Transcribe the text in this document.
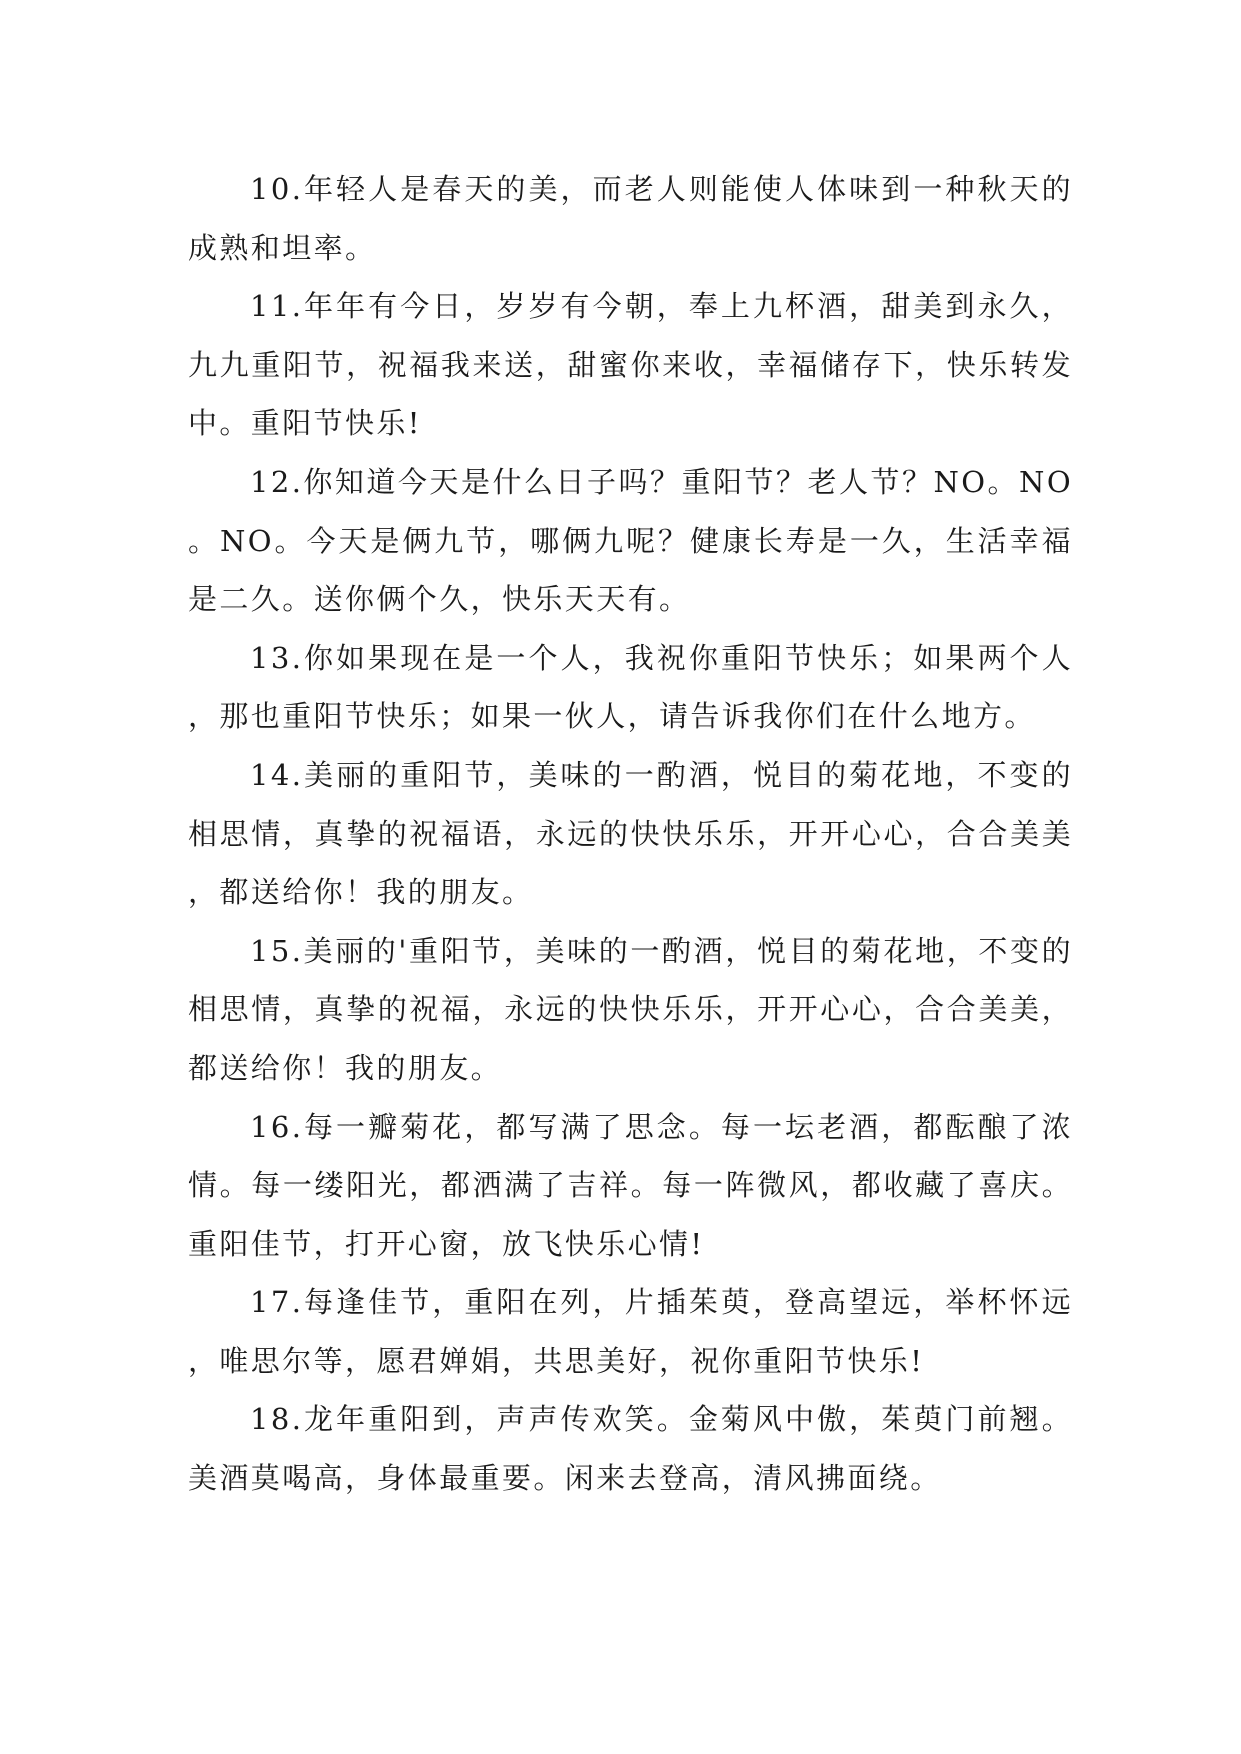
10.年轻人是春天的美，而老人则能使人体味到一种秋天的成熟和坦率。

11.年年有今日，岁岁有今朝，奉上九杯酒，甜美到永久，九九重阳节，祝福我来送，甜蜜你来收，幸福储存下，快乐转发中。重阳节快乐!

12.你知道今天是什么日子吗？重阳节？老人节？NO。NO。NO。今天是俩九节，哪俩九呢？健康长寿是一久，生活幸福是二久。送你俩个久，快乐天天有。

13.你如果现在是一个人，我祝你重阳节快乐；如果两个人，那也重阳节快乐；如果一伙人，请告诉我你们在什么地方。

14.美丽的重阳节，美味的一酌酒，悦目的菊花地，不变的相思情，真挚的祝福语，永远的快快乐乐，开开心心，合合美美，都送给你！我的朋友。

15.美丽的'重阳节，美味的一酌酒，悦目的菊花地，不变的相思情，真挚的祝福，永远的快快乐乐，开开心心，合合美美，都送给你！我的朋友。

16.每一瓣菊花，都写满了思念。每一坛老酒，都酝酿了浓情。每一缕阳光，都洒满了吉祥。每一阵微风，都收藏了喜庆。重阳佳节，打开心窗，放飞快乐心情!

17.每逢佳节，重阳在列，片插茱萸，登高望远，举杯怀远，唯思尔等，愿君婵娟，共思美好，祝你重阳节快乐!

18.龙年重阳到，声声传欢笑。金菊风中傲，茱萸门前翘。美酒莫喝高，身体最重要。闲来去登高，清风拂面绕。
